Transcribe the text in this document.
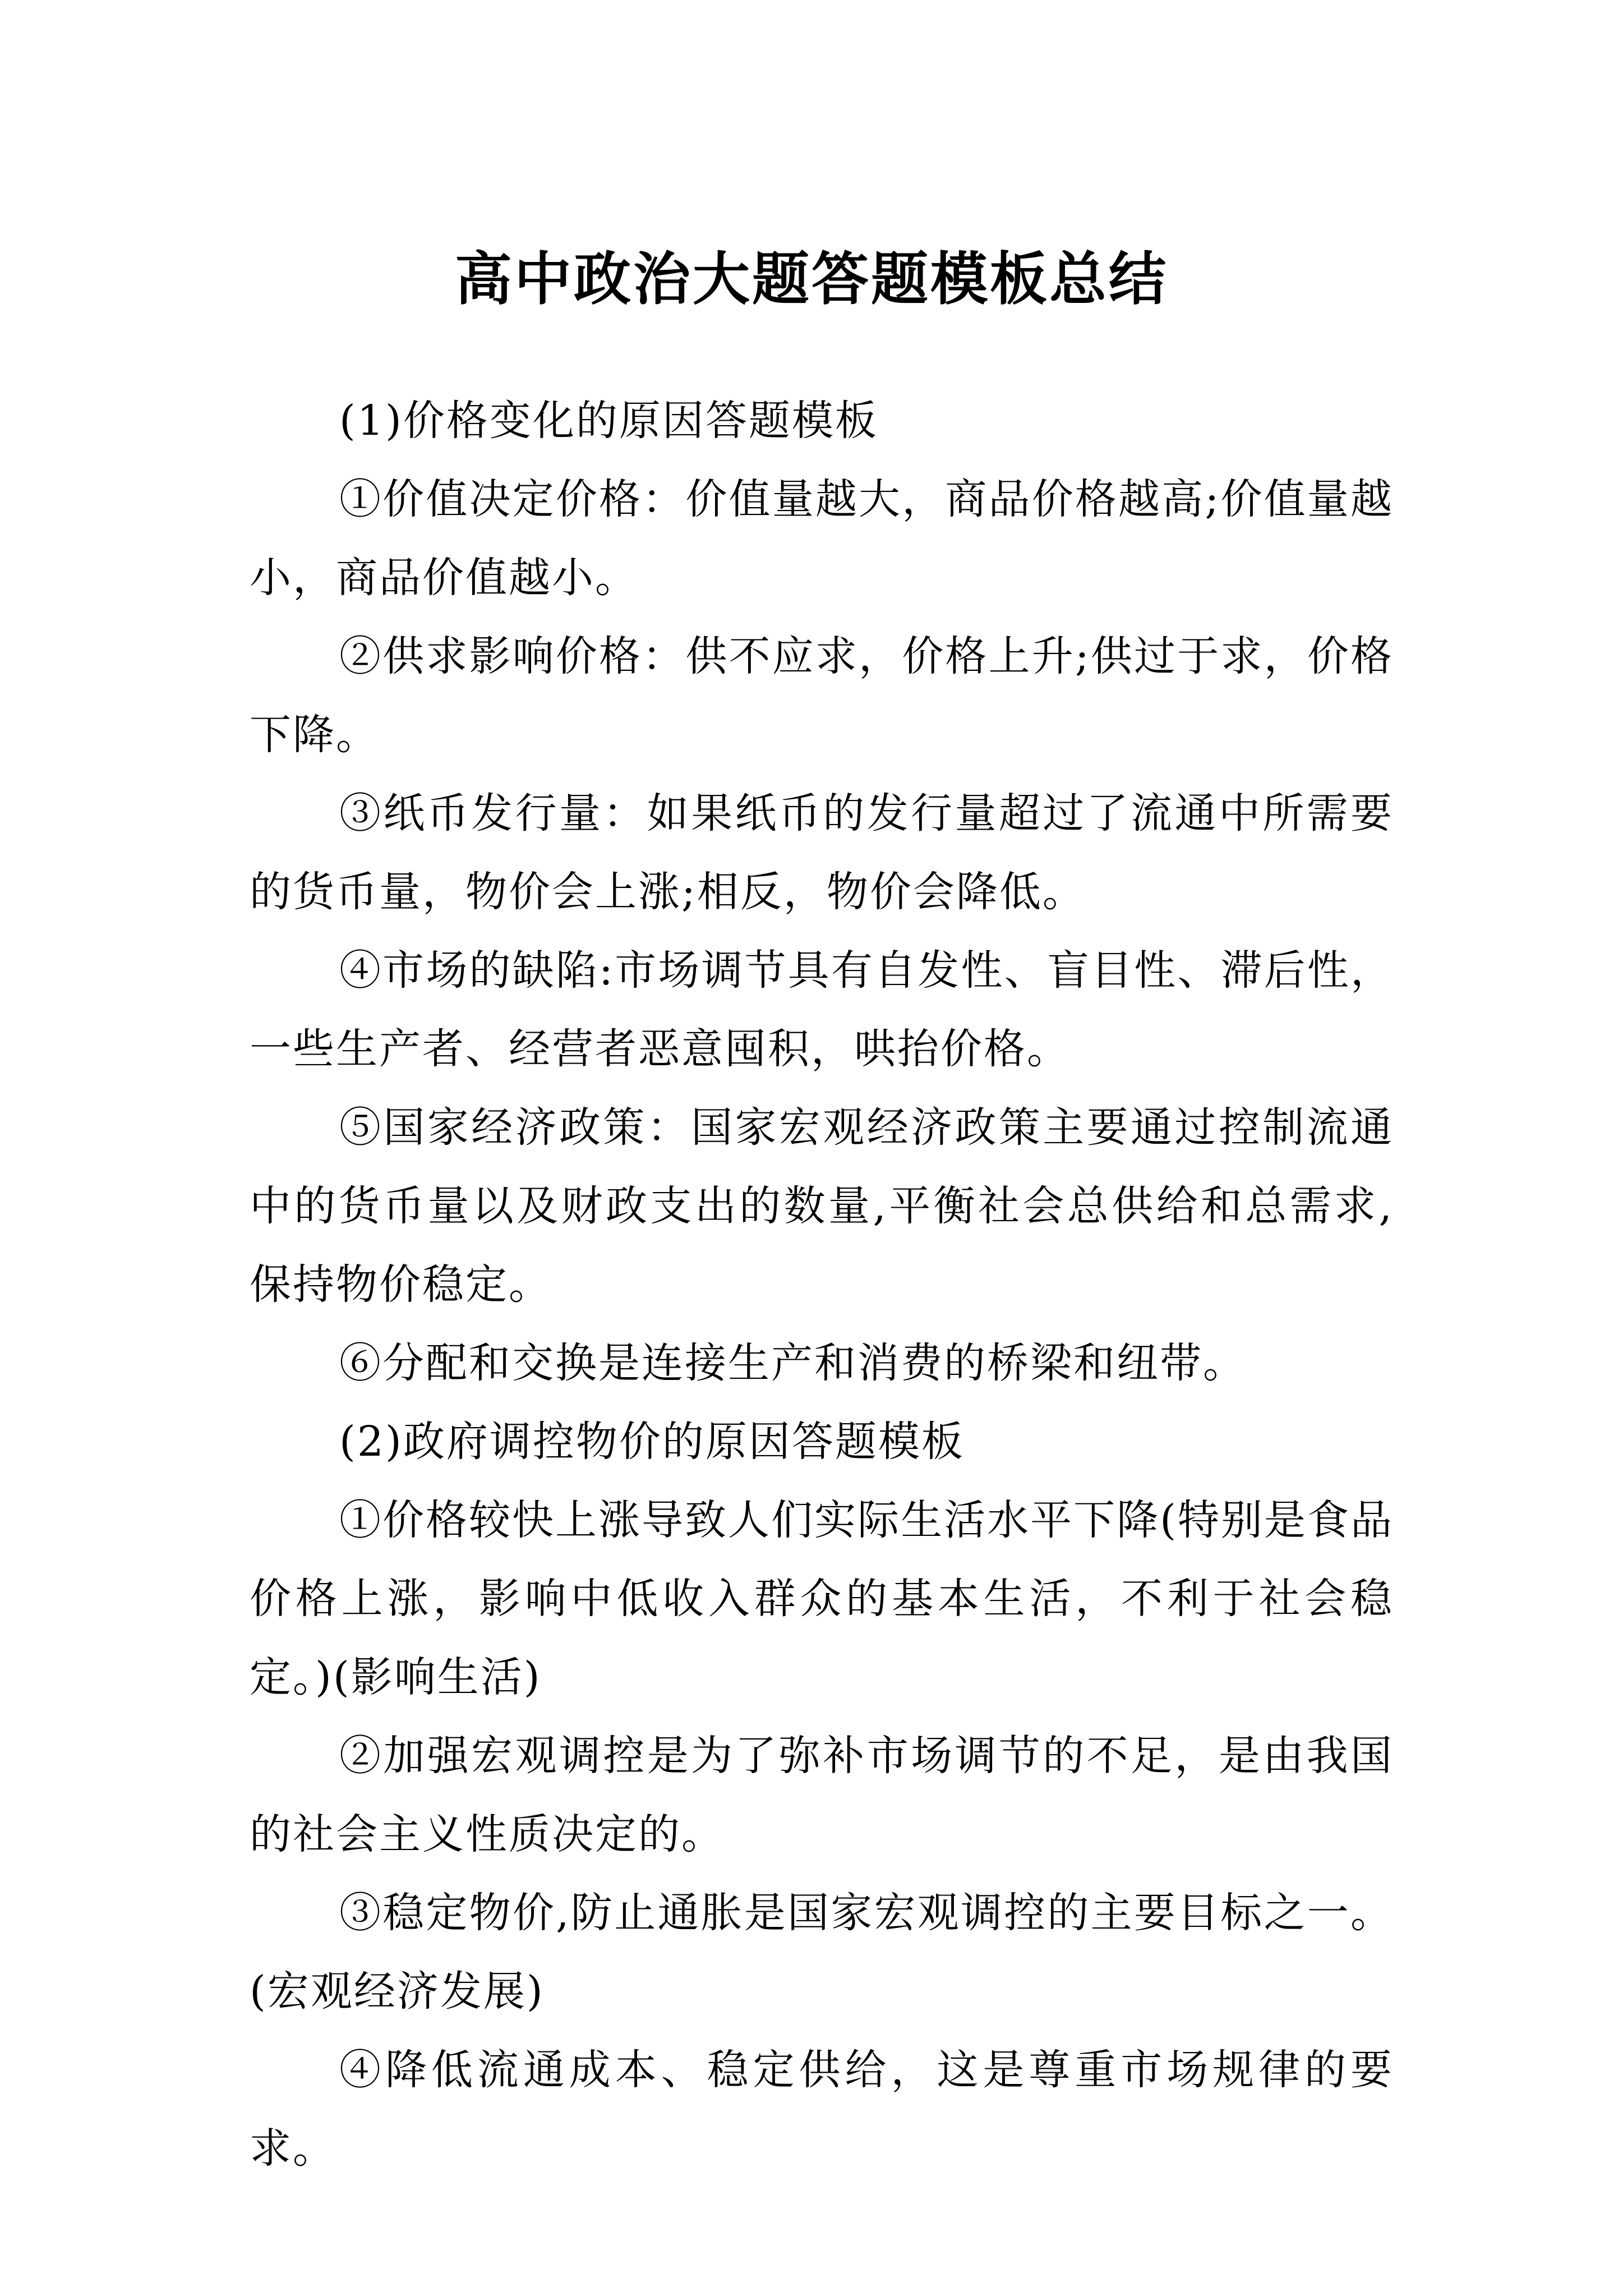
高中政治大题答题模板总结

(1)价格变化的原因答题模板

①价值决定价格：价值量越大，商品价格越高;价值量越小，商品价值越小。

②供求影响价格：供不应求，价格上升;供过于求，价格下降。

③纸币发行量：如果纸币的发行量超过了流通中所需要的货币量，物价会上涨;相反，物价会降低。

④市场的缺陷:市场调节具有自发性、盲目性、滞后性，一些生产者、经营者恶意囤积，哄抬价格。

⑤国家经济政策：国家宏观经济政策主要通过控制流通中的货币量以及财政支出的数量,平衡社会总供给和总需求,保持物价稳定。

⑥分配和交换是连接生产和消费的桥梁和纽带。

(2)政府调控物价的原因答题模板

①价格较快上涨导致人们实际生活水平下降(特别是食品价格上涨，影响中低收入群众的基本生活，不利于社会稳定。)(影响生活)

②加强宏观调控是为了弥补市场调节的不足，是由我国的社会主义性质决定的。

③稳定物价,防止通胀是国家宏观调控的主要目标之一。(宏观经济发展)

④降低流通成本、稳定供给，这是尊重市场规律的要求。
